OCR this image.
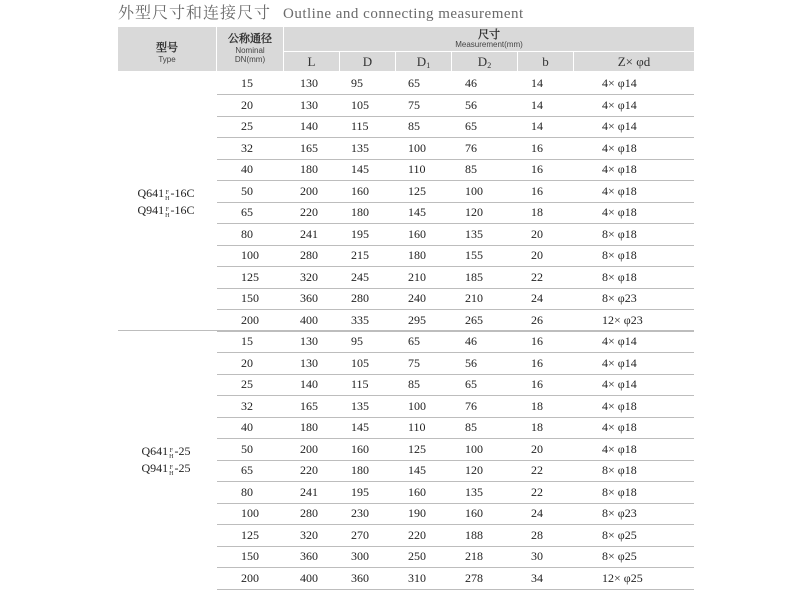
外型尺寸和连接尺寸 Outline and connecting measurement
型号
Type
公称通径
Nominal
DN(mm)
尺寸
Measurement(mm)
L	D	$D_1$	$D_2$	b	Z× φd
15	130	95	65	46	14	4× φ14
20	130	105	75	56	14	4× φ14
25	140	115	85	65	14	4× φ14
32	165	135	100	76	16	4× φ18
40	180	145	110	85	16	4× φ18
50	200	160	125	100	16	4× φ18
65	220	180	145	120	18	4× φ18
80	241	195	160	135	20	8× φ18
100	280	215	180	155	20	8× φ18
125	320	245	210	185	22	8× φ18
150	360	280	240	210	24	8× φ23
200	400	335	295	265	26	12× φ23
Q641 F
H -16C
Q941 F
H -16C
15	130	95	65	46	16	4× φ14
20	130	105	75	56	16	4× φ14
25	140	115	85	65	16	4× φ14
32	165	135	100	76	18	4× φ18
40	180	145	110	85	18	4× φ18
50	200	160	125	100	20	4× φ18
65	220	180	145	120	22	8× φ18
80	241	195	160	135	22	8× φ18
100	280	230	190	160	24	8× φ23
125	320	270	220	188	28	8× φ25
150	360	300	250	218	30	8× φ25
200	400	360	310	278	34	12× φ25
Q641 F
H -25
Q941 F
H -25
